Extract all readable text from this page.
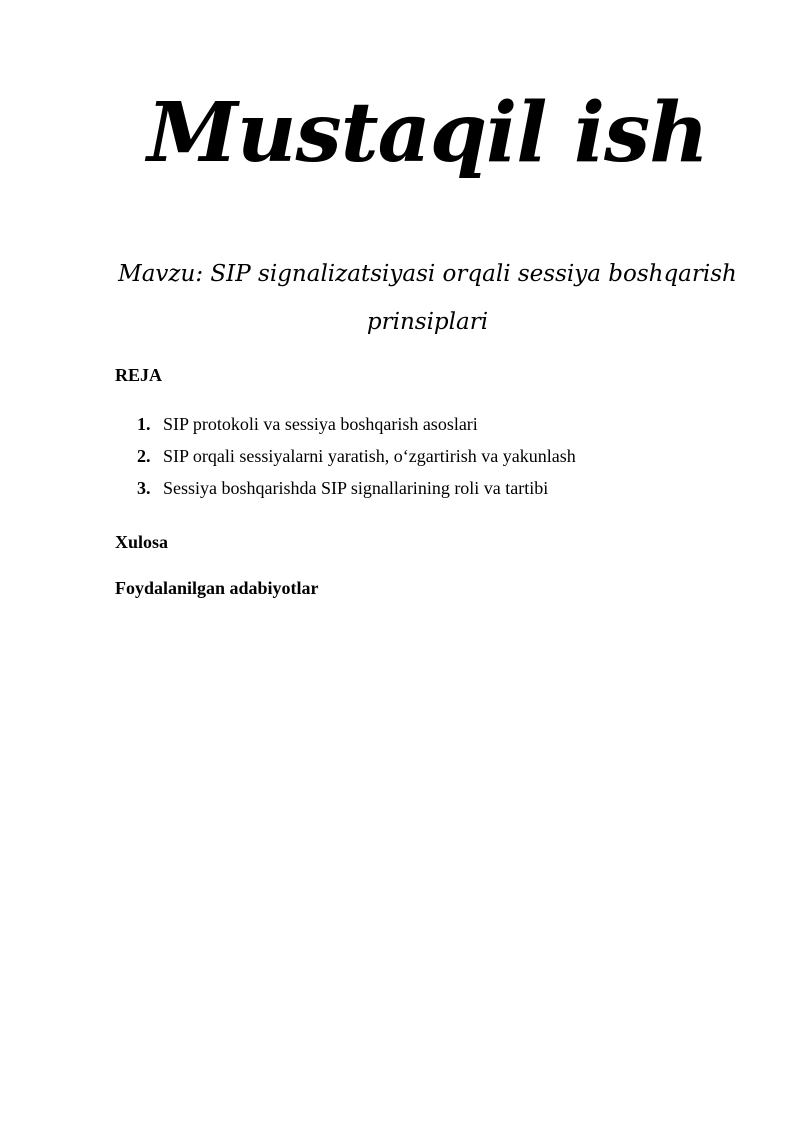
Mustaqil ish

Mavzu: SIP signalizatsiyasi orqali sessiya boshqarish
prinsiplari

REJA
1. SIP protokoli va sessiya boshqarish asoslari
2. SIP orqali sessiyalarni yaratish, o‘zgartirish va yakunlash
3. Sessiya boshqarishda SIP signallarining roli va tartibi
Xulosa
Foydalanilgan adabiyotlar
